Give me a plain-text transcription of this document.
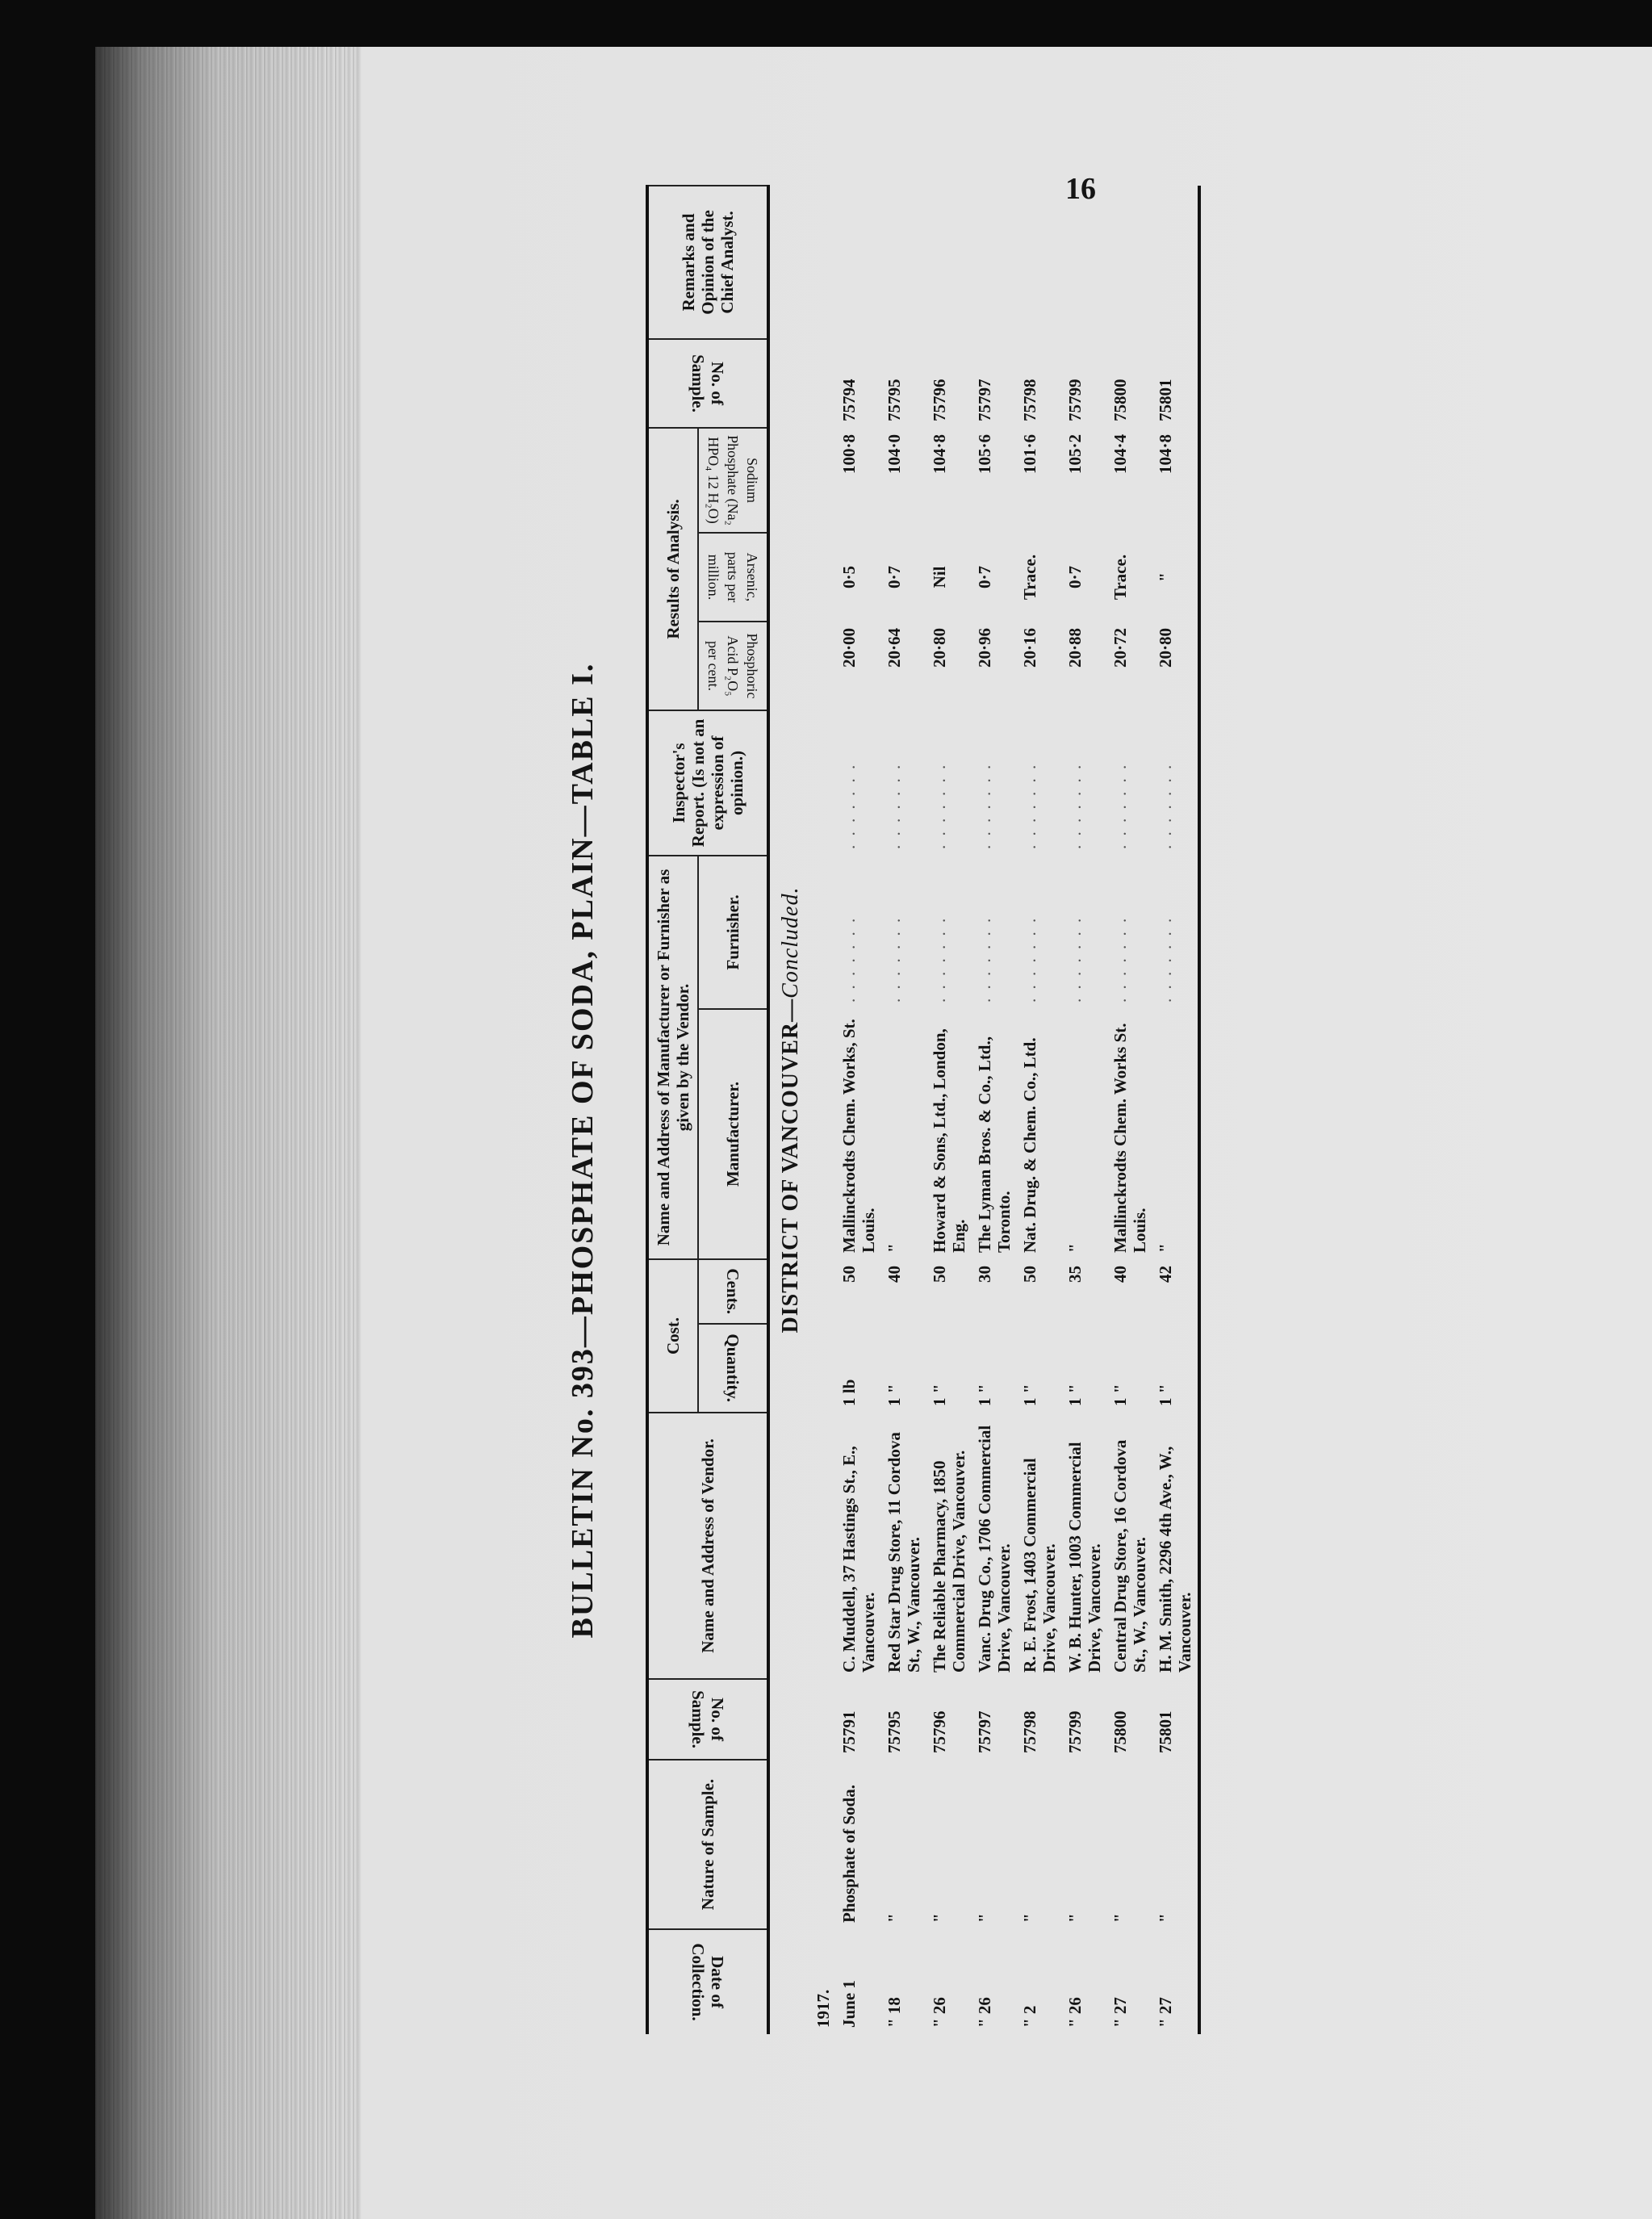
16
BULLETIN No. 393—PHOSPHATE OF SODA, PLAIN—TABLE I.
Date of Collection.	Nature of Sample.	No. of Sample.	Name and Address of Vendor.	Cost.		Name and Address of Manufacturer or Furnisher as given by the Vendor.		Inspector's Report. (Is not an expression of opinion.)	Results of Analysis.			No. of Sample.	Remarks and Opinion of the Chief Analyst.
				Quantity.	Cents.	Manufacturer.	Furnisher.		Phosphoric Acid P₂O₅ per cent.	Arsenic, parts per million.	Sodium Phosphate (Na₂ HPO₄ 12 H₂O)		
DISTRICT OF VANCOUVER—Concluded.													
1917.													
June 1	Phosphate of Soda.	75791	C. Muddell, 37 Hastings St., E., Vancouver.	1 lb	50	Mallinckrodts Chem. Works, St. Louis.	. . . . . . .	. . . . . . .	20·00	0·5	100·8	75794	
" 18	"	75795	Red Star Drug Store, 11 Cordova St., W., Vancouver.	1 "	40	"	. . . . . . .	. . . . . . .	20·64	0·7	104·0	75795	
" 26	"	75796	The Reliable Pharmacy, 1850 Commercial Drive, Vancouver.	1 "	50	Howard & Sons, Ltd., London, Eng.	. . . . . . .	. . . . . . .	20·80	Nil	104·8	75796	
" 26	"	75797	Vanc. Drug Co., 1706 Commercial Drive, Vancouver.	1 "	30	The Lyman Bros. & Co., Ltd., Toronto.	. . . . . . .	. . . . . . .	20·96	0·7	105·6	75797	
" 2	"	75798	R. E. Frost, 1403 Commercial Drive, Vancouver.	1 "	50	Nat. Drug. & Chem. Co., Ltd.	. . . . . . .	. . . . . . .	20·16	Trace.	101·6	75798	
" 26	"	75799	W. B. Hunter, 1003 Commercial Drive, Vancouver.	1 "	35	"	. . . . . . .	. . . . . . .	20·88	0·7	105·2	75799	
" 27	"	75800	Central Drug Store, 16 Cordova St., W., Vancouver.	1 "	40	Mallinckrodts Chem. Works St. Louis.	. . . . . . .	. . . . . . .	20·72	Trace.	104·4	75800	
" 27	"	75801	H. M. Smith, 2296 4th Ave., W., Vancouver.	1 "	42	"	. . . . . . .	. . . . . . .	20·80	"	104·8	75801	
